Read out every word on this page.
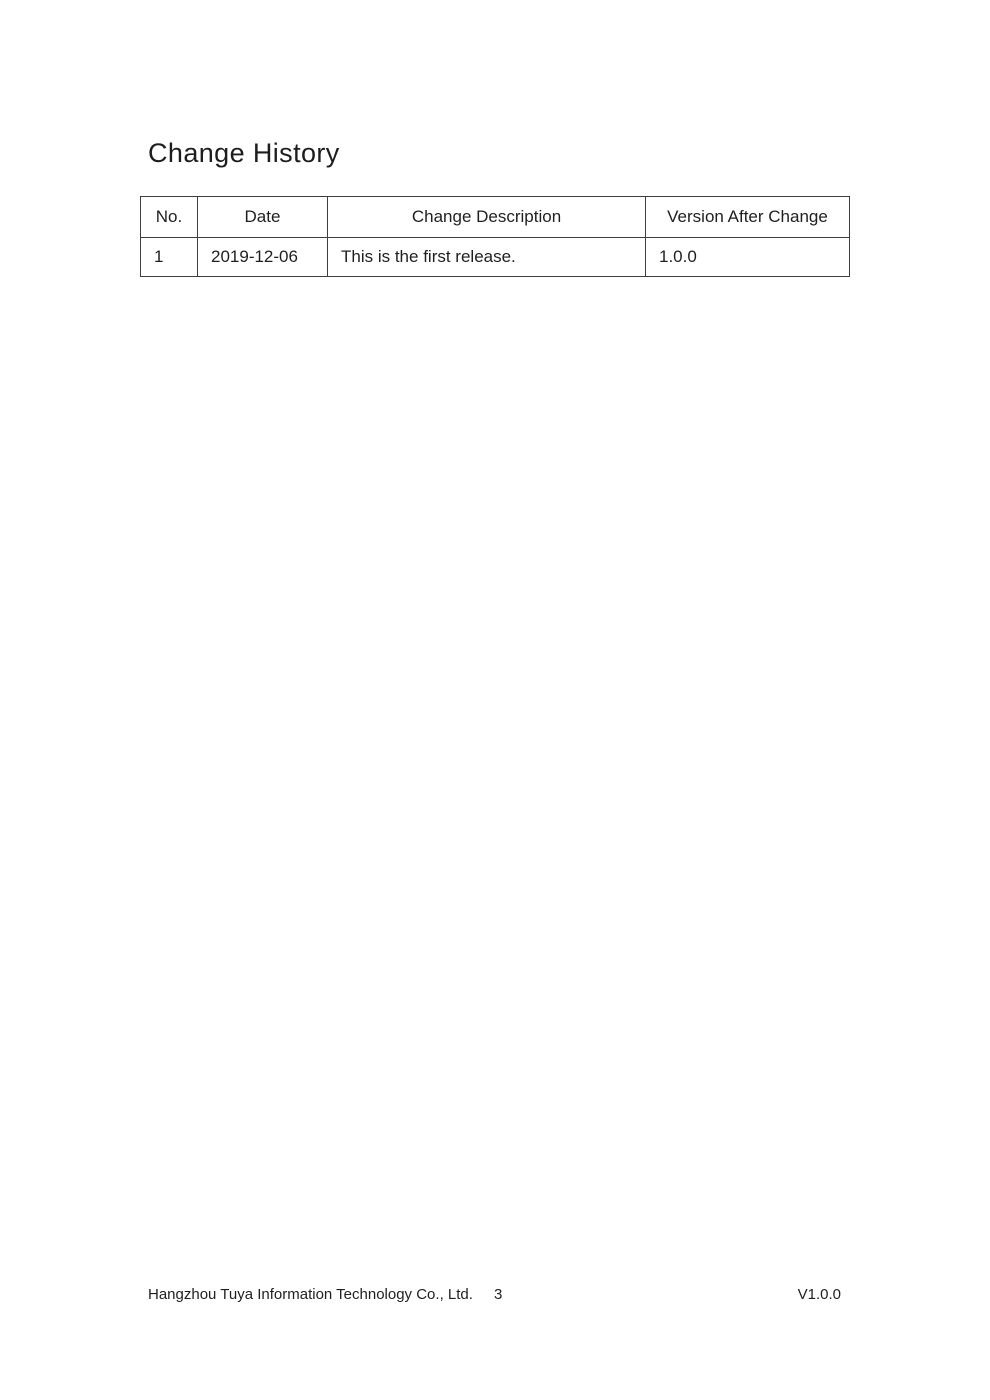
Change History
No.	Date	Change Description	Version After Change
1	2019-12-06	This is the first release.	1.0.0
Hangzhou Tuya Information Technology Co., Ltd. 3	V1.0.0
